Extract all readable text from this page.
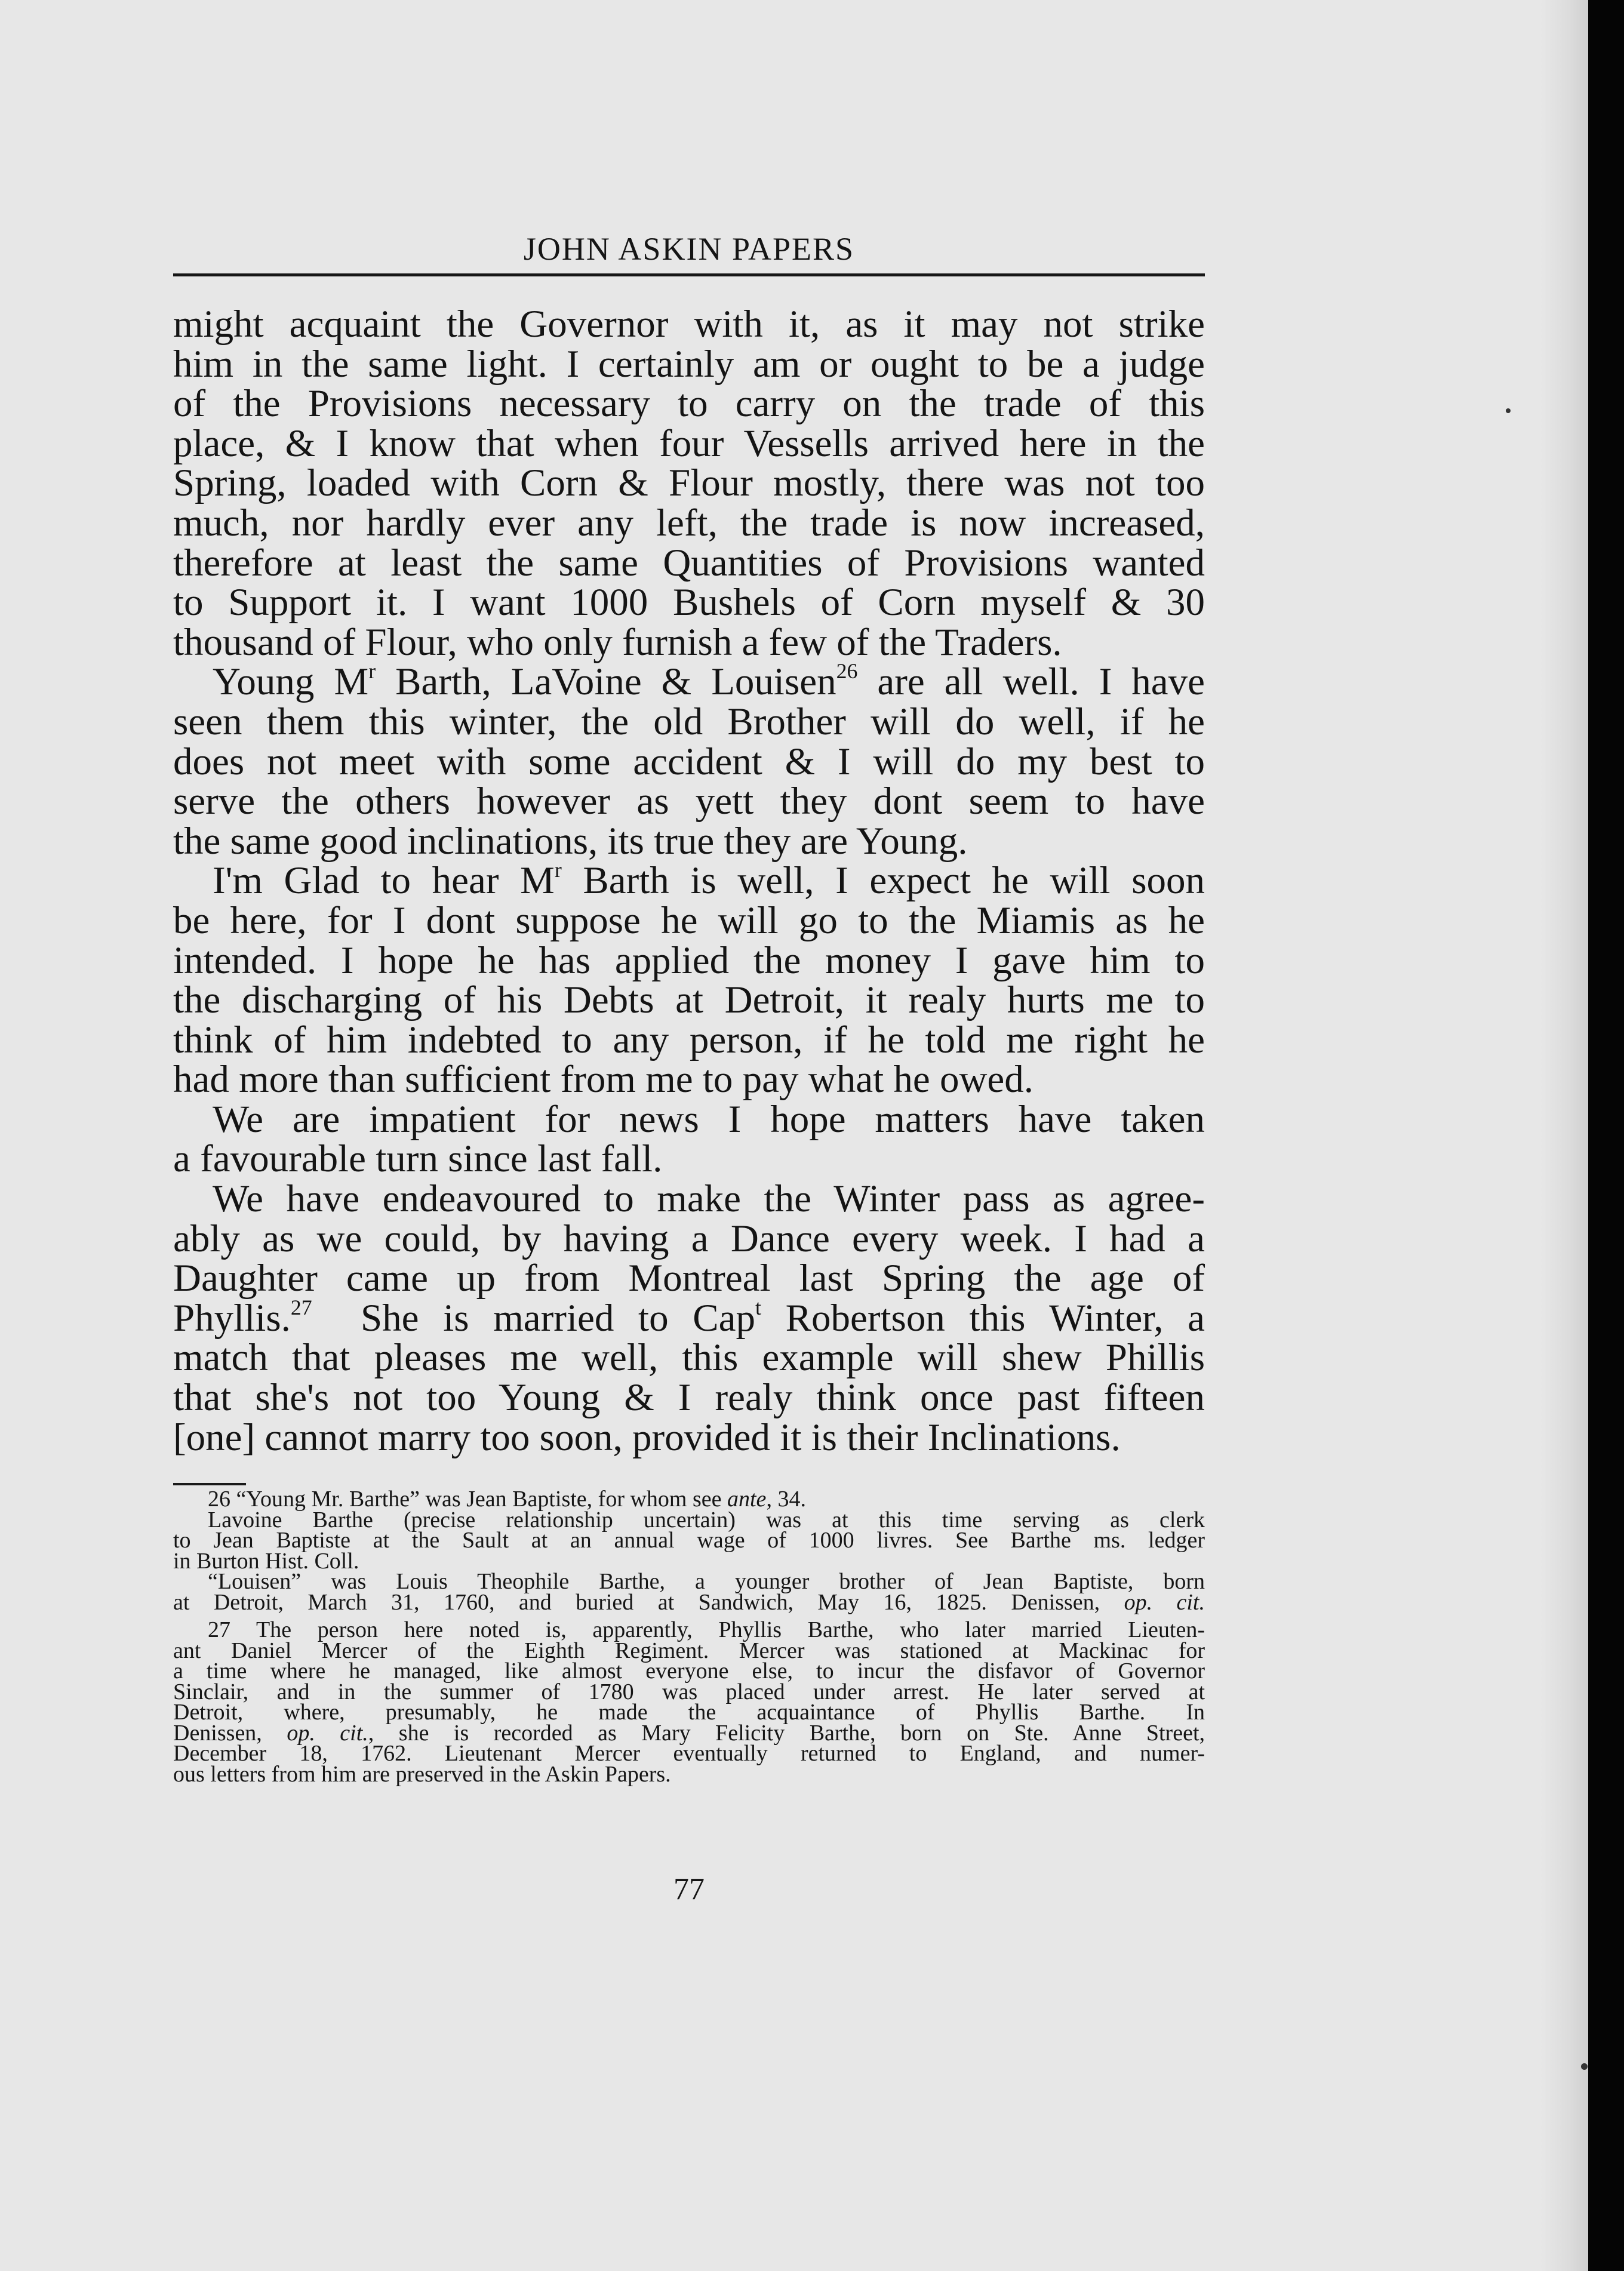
JOHN ASKIN PAPERS
might acquaint the Governor with it, as it may not strike
him in the same light. I certainly am or ought to be a judge
of the Provisions necessary to carry on the trade of this
place, & I know that when four Vessells arrived here in the
Spring, loaded with Corn & Flour mostly, there was not too
much, nor hardly ever any left, the trade is now increased,
therefore at least the same Quantities of Provisions wanted
to Support it. I want 1000 Bushels of Corn myself & 30
thousand of Flour, who only furnish a few of the Traders.
Young $M^r$ Barth, LaVoine & Louisen$^{26}$ are all well. I have
seen them this winter, the old Brother will do well, if he
does not meet with some accident & I will do my best to
serve the others however as yett they dont seem to have
the same good inclinations, its true they are Young.
I'm Glad to hear $M^r$ Barth is well, I expect he will soon
be here, for I dont suppose he will go to the Miamis as he
intended. I hope he has applied the money I gave him to
the discharging of his Debts at Detroit, it realy hurts me to
think of him indebted to any person, if he told me right he
had more than sufficient from me to pay what he owed.
We are impatient for news I hope matters have taken
a favourable turn since last fall.
We have endeavoured to make the Winter pass as agree-
ably as we could, by having a Dance every week. I had a
Daughter came up from Montreal last Spring the age of
Phyllis.$^{27}$ She is married to Cap$^t$ Robertson this Winter, a
match that pleases me well, this example will shew Phillis
that she's not too Young & I realy think once past fifteen
[one] cannot marry too soon, provided it is their Inclinations.
26 “Young Mr. Barthe” was Jean Baptiste, for whom see ante, 34.
Lavoine Barthe (precise relationship uncertain) was at this time serving as clerk
to Jean Baptiste at the Sault at an annual wage of 1000 livres. See Barthe ms. ledger
in Burton Hist. Coll.
“Louisen” was Louis Theophile Barthe, a younger brother of Jean Baptiste, born
at Detroit, March 31, 1760, and buried at Sandwich, May 16, 1825. Denissen, op. cit.
27 The person here noted is, apparently, Phyllis Barthe, who later married Lieuten-
ant Daniel Mercer of the Eighth Regiment. Mercer was stationed at Mackinac for
a time where he managed, like almost everyone else, to incur the disfavor of Governor
Sinclair, and in the summer of 1780 was placed under arrest. He later served at
Detroit, where, presumably, he made the acquaintance of Phyllis Barthe. In
Denissen, op. cit., she is recorded as Mary Felicity Barthe, born on Ste. Anne Street,
December 18, 1762. Lieutenant Mercer eventually returned to England, and numer-
ous letters from him are preserved in the Askin Papers.
77
